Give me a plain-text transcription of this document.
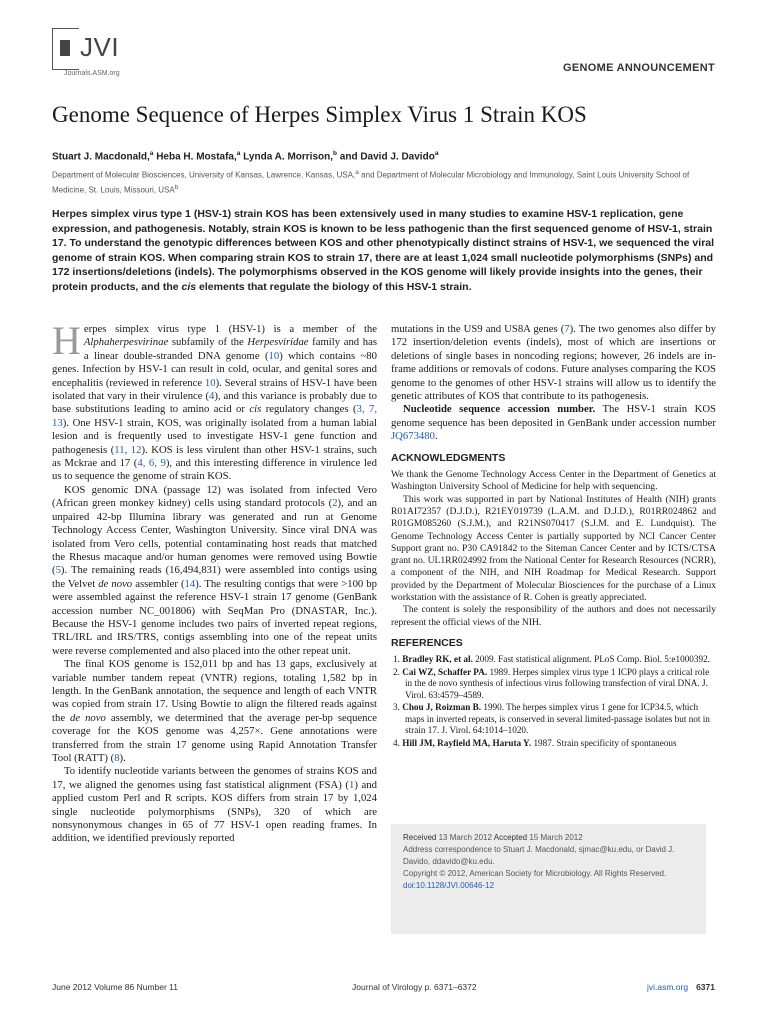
JVI
Journals.ASM.org	GENOME ANNOUNCEMENT
Genome Sequence of Herpes Simplex Virus 1 Strain KOS
Stuart J. Macdonald,$^a$ Heba H. Mostafa,$^a$ Lynda A. Morrison,$^b$ and David J. Davido$^a$
Department of Molecular Biosciences, University of Kansas, Lawrence, Kansas, USA,$^a$ and Department of Molecular Microbiology and Immunology, Saint Louis University School of Medicine, St. Louis, Missouri, USA$^b$

Herpes simplex virus type 1 (HSV-1) strain KOS has been extensively used in many studies to examine HSV-1 replication, gene expression, and pathogenesis. Notably, strain KOS is known to be less pathogenic than the first sequenced genome of HSV-1, strain 17. To understand the genotypic differences between KOS and other phenotypically distinct strains of HSV-1, we sequenced the viral genome of strain KOS. When comparing strain KOS to strain 17, there are at least 1,024 small nucleotide polymorphisms (SNPs) and 172 insertions/deletions (indels). The polymorphisms observed in the KOS genome will likely provide insights into the genes, their protein products, and the cis elements that regulate the biology of this HSV-1 strain.

Herpes simplex virus type 1 (HSV-1) is a member of the Alphaherpesvirinae subfamily of the Herpesviridae family and has a linear double-stranded DNA genome (10) which contains ~80 genes. Infection by HSV-1 can result in cold, ocular, and genital sores and encephalitis (reviewed in reference 10). Several strains of HSV-1 have been isolated that vary in their virulence (4), and this variance is probably due to base substitutions leading to amino acid or cis regulatory changes (3, 7, 13). One HSV-1 strain, KOS, was originally isolated from a human labial lesion and is frequently used to investigate HSV-1 gene function and pathogenesis (11, 12). KOS is less virulent than other HSV-1 strains, such as Mckrae and 17 (4, 6, 9), and this interesting difference in virulence led us to sequence the genome of strain KOS.

KOS genomic DNA (passage 12) was isolated from infected Vero (African green monkey kidney) cells using standard protocols (2), and an unpaired 42-bp Illumina library was generated and run at Genome Technology Access Center, Washington University. Since viral DNA was isolated from Vero cells, potential contaminating host reads that matched the Rhesus macaque and/or human genomes were removed using Bowtie (5). The remaining reads (16,494,831) were assembled into contigs using the Velvet de novo assembler (14). The resulting contigs that were >100 bp were assembled against the reference HSV-1 strain 17 genome (GenBank accession number NC_001806) with SeqMan Pro (DNASTAR, Inc.). Because the HSV-1 genome includes two pairs of inverted repeat regions, TRL/IRL and IRS/TRS, contigs assembling into one of the repeat units were reverse complemented and also placed into the other repeat unit.

The final KOS genome is 152,011 bp and has 13 gaps, exclusively at variable number tandem repeat (VNTR) regions, totaling 1,582 bp in length. In the GenBank annotation, the sequence and length of each VNTR was copied from strain 17. Using Bowtie to align the filtered reads against the de novo assembly, we determined that the average per-bp sequence coverage for the KOS genome was 4,257×. Gene annotations were transferred from the strain 17 genome using Rapid Annotation Transfer Tool (RATT) (8).

To identify nucleotide variants between the genomes of strains KOS and 17, we aligned the genomes using fast statistical alignment (FSA) (1) and applied custom Perl and R scripts. KOS differs from strain 17 by 1,024 single nucleotide polymorphisms (SNPs), 320 of which are nonsynonymous changes in 65 of 77 HSV-1 open reading frames. In addition, we identified previously reported

mutations in the US9 and US8A genes (7). The two genomes also differ by 172 insertion/deletion events (indels), most of which are insertions or deletions of single bases in noncoding regions; however, 26 indels are in-frame additions or removals of codons. Future analyses comparing the KOS genome to the genomes of other HSV-1 strains will allow us to identify the genetic attributes of KOS that contribute to its pathogenesis.

Nucleotide sequence accession number. The HSV-1 strain KOS genome sequence has been deposited in GenBank under accession number JQ673480.

ACKNOWLEDGMENTS

We thank the Genome Technology Access Center in the Department of Genetics at Washington University School of Medicine for help with sequencing.

This work was supported in part by National Institutes of Health (NIH) grants R01AI72357 (D.J.D.), R21EY019739 (L.A.M. and D.J.D.), R01RR024862 and R01GM085260 (S.J.M.), and R21NS070417 (S.J.M. and E. Lundquist). The Genome Technology Access Center is partially supported by NCI Cancer Center Support grant no. P30 CA91842 to the Siteman Cancer Center and by ICTS/CTSA grant no. UL1RR024992 from the National Center for Research Resources (NCRR), a component of the NIH, and NIH Roadmap for Medical Research. Support provided by the Department of Molecular Biosciences for the purchase of a Linux workstation with the assistance of R. Cohen is greatly appreciated.

The content is solely the responsibility of the authors and does not necessarily represent the official views of the NIH.

REFERENCES
1. Bradley RK, et al. 2009. Fast statistical alignment. PLoS Comp. Biol. 5:e1000392.
2. Cai WZ, Schaffer PA. 1989. Herpes simplex virus type 1 ICP0 plays a critical role in the de novo synthesis of infectious virus following transfection of viral DNA. J. Virol. 63:4579–4589.
3. Chou J, Roizman B. 1990. The herpes simplex virus 1 gene for ICP34.5, which maps in inverted repeats, is conserved in several limited-passage isolates but not in strain 17. J. Virol. 64:1014–1020.
4. Hill JM, Rayfield MA, Haruta Y. 1987. Strain specificity of spontaneous
Received 13 March 2012 Accepted 15 March 2012
Address correspondence to Stuart J. Macdonald, sjmac@ku.edu, or David J. Davido, ddavido@ku.edu.
Copyright © 2012, American Society for Microbiology. All Rights Reserved.
doi:10.1128/JVI.00646-12
June 2012 Volume 86 Number 11	Journal of Virology p. 6371–6372	jvi.asm.org 6371
